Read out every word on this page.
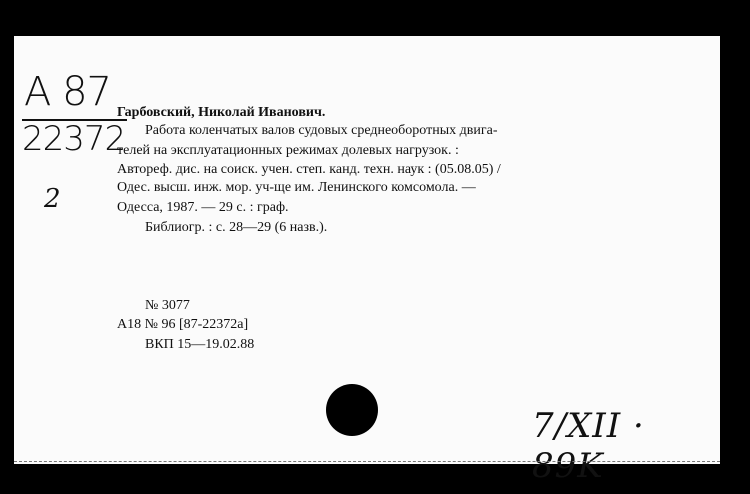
А 87
22372
2
Гарбовский, Николай Иванович.
Работа коленчатых валов судовых среднеоборотных двига-
телей на эксплуатационных режимах долевых нагрузок. :
Автореф. дис. на соиск. учен. степ. канд. техн. наук : (05.08.05) /
Одес. высш. инж. мор. уч-ще им. Ленинского комсомола. —
Одесса, 1987. — 29 с. : граф.
Библиогр. : с. 28—29 (6 назв.).
№ 3077
А18 № 96 [87-22372а]
ВКП 15—19.02.88
7/XII · 89K
